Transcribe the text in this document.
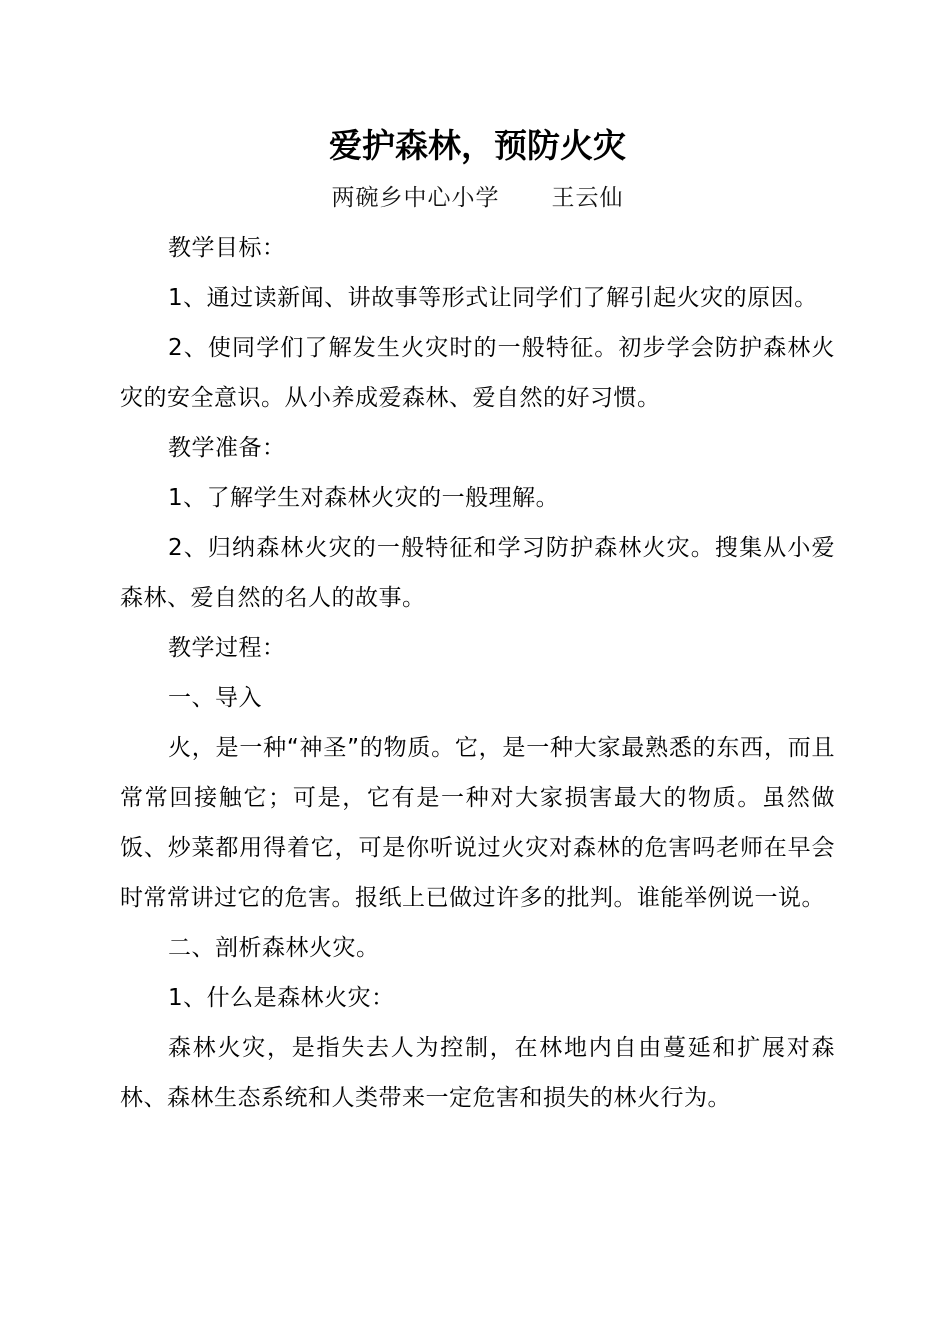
爱护森林，预防火灾
两碗乡中心小学 王云仙

教学目标：

1、通过读新闻、讲故事等形式让同学们了解引起火灾的原因。

2、使同学们了解发生火灾时的一般特征。初步学会防护森林火灾的安全意识。从小养成爱森林、爱自然的好习惯。

教学准备：

1、了解学生对森林火灾的一般理解。

2、归纳森林火灾的一般特征和学习防护森林火灾。搜集从小爱森林、爱自然的名人的故事。

教学过程：

一、导入

火，是一种“神圣”的物质。它，是一种大家最熟悉的东西，而且常常回接触它；可是，它有是一种对大家损害最大的物质。虽然做饭、炒菜都用得着它，可是你听说过火灾对森林的危害吗老师在早会时常常讲过它的危害。报纸上已做过许多的批判。谁能举例说一说。

二、剖析森林火灾。

1、什么是森林火灾：

森林火灾，是指失去人为控制，在林地内自由蔓延和扩展对森林、森林生态系统和人类带来一定危害和损失的林火行为。
